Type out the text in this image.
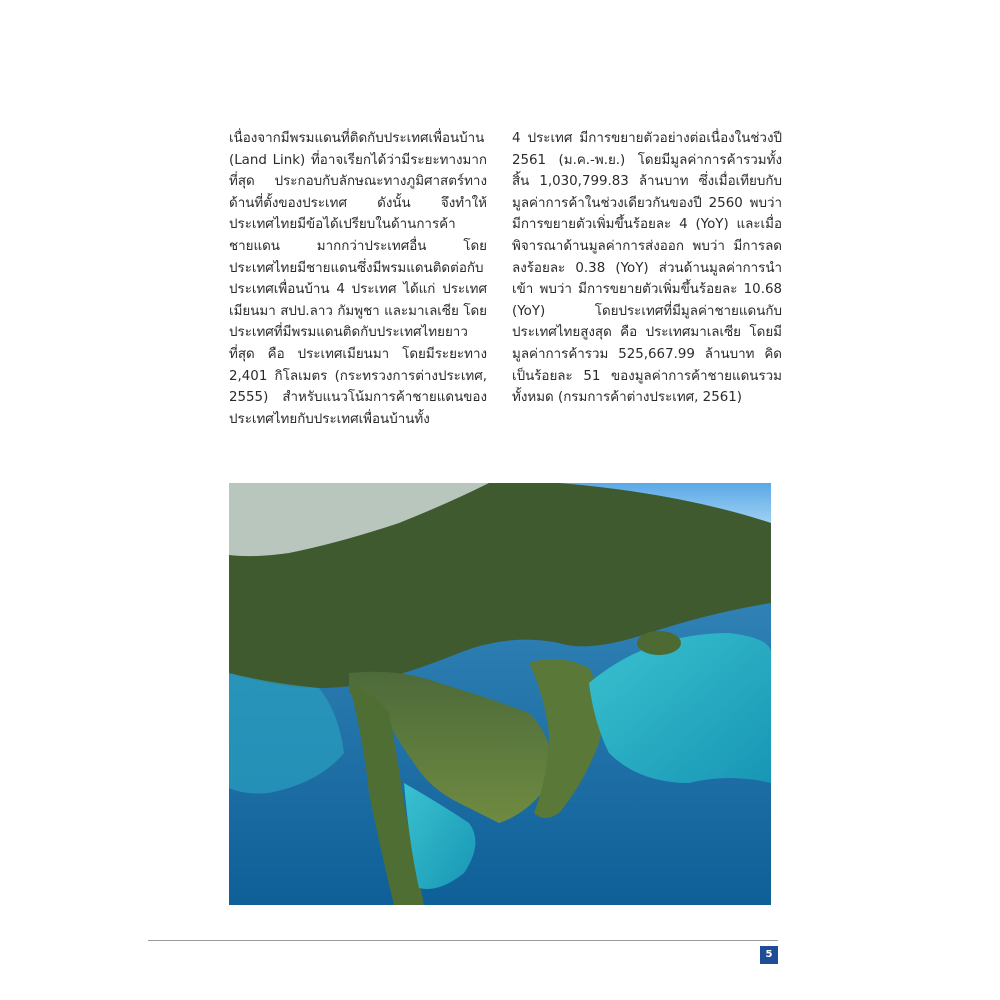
เนื่องจากมีพรมแดนที่ติดกับประเทศเพื่อนบ้าน (Land Link) ที่อาจเรียกได้ว่ามีระยะทางมากที่สุด ประกอบกับลักษณะทางภูมิศาสตร์ทางด้านที่ตั้งของประเทศ ดังนั้น จึงทำให้ประเทศไทยมีข้อได้เปรียบในด้านการค้าชายแดน มากกว่าประเทศอื่น โดยประเทศไทยมีชายแดนซึ่งมีพรมแดนติดต่อกับประเทศเพื่อนบ้าน 4 ประเทศ ได้แก่ ประเทศเมียนมา สปป.ลาว กัมพูชา และมาเลเซีย โดยประเทศที่มีพรมแดนติดกับประเทศไทยยาวที่สุด คือ ประเทศเมียนมา โดยมีระยะทาง 2,401 กิโลเมตร (กระทรวงการต่างประเทศ, 2555) สำหรับแนวโน้มการค้าชายแดนของประเทศไทยกับประเทศเพื่อนบ้านทั้ง

4 ประเทศ มีการขยายตัวอย่างต่อเนื่องในช่วงปี 2561 (ม.ค.-พ.ย.) โดยมีมูลค่าการค้ารวมทั้งสิ้น 1,030,799.83 ล้านบาท ซึ่งเมื่อเทียบกับมูลค่าการค้าในช่วงเดียวกันของปี 2560 พบว่า มีการขยายตัวเพิ่มขึ้นร้อยละ 4 (YoY) และเมื่อพิจารณาด้านมูลค่าการส่งออก พบว่า มีการลดลงร้อยละ 0.38 (YoY) ส่วนด้านมูลค่าการนำเข้า พบว่า มีการขยายตัวเพิ่มขึ้นร้อยละ 10.68 (YoY) โดยประเทศที่มีมูลค่าชายแดนกับประเทศไทยสูงสุด คือ ประเทศมาเลเซีย โดยมีมูลค่าการค้ารวม 525,667.99 ล้านบาท คิดเป็นร้อยละ 51 ของมูลค่าการค้าชายแดนรวมทั้งหมด (กรมการค้าต่างประเทศ, 2561)

5
